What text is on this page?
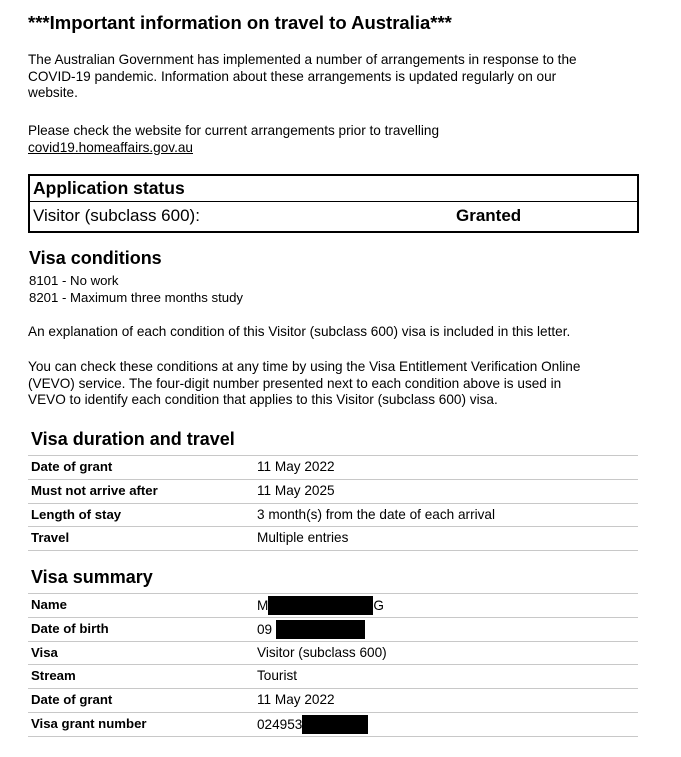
***Important information on travel to Australia***
The Australian Government has implemented a number of arrangements in response to the
COVID-19 pandemic. Information about these arrangements is updated regularly on our
website.
Please check the website for current arrangements prior to travelling
covid19.homeaffairs.gov.au
Application status
Visitor (subclass 600):	Granted
Visa conditions
8101 - No work
8201 - Maximum three months study
An explanation of each condition of this Visitor (subclass 600) visa is included in this letter.
You can check these conditions at any time by using the Visa Entitlement Verification Online
(VEVO) service. The four-digit number presented next to each condition above is used in
VEVO to identify each condition that applies to this Visitor (subclass 600) visa.
Visa duration and travel
Date of grant	11 May 2022
Must not arrive after	11 May 2025
Length of stay	3 month(s) from the date of each arrival
Travel	Multiple entries
Visa summary
Name	M	G
Date of birth	09
Visa	Visitor (subclass 600)
Stream	Tourist
Date of grant	11 May 2022
Visa grant number	024953
